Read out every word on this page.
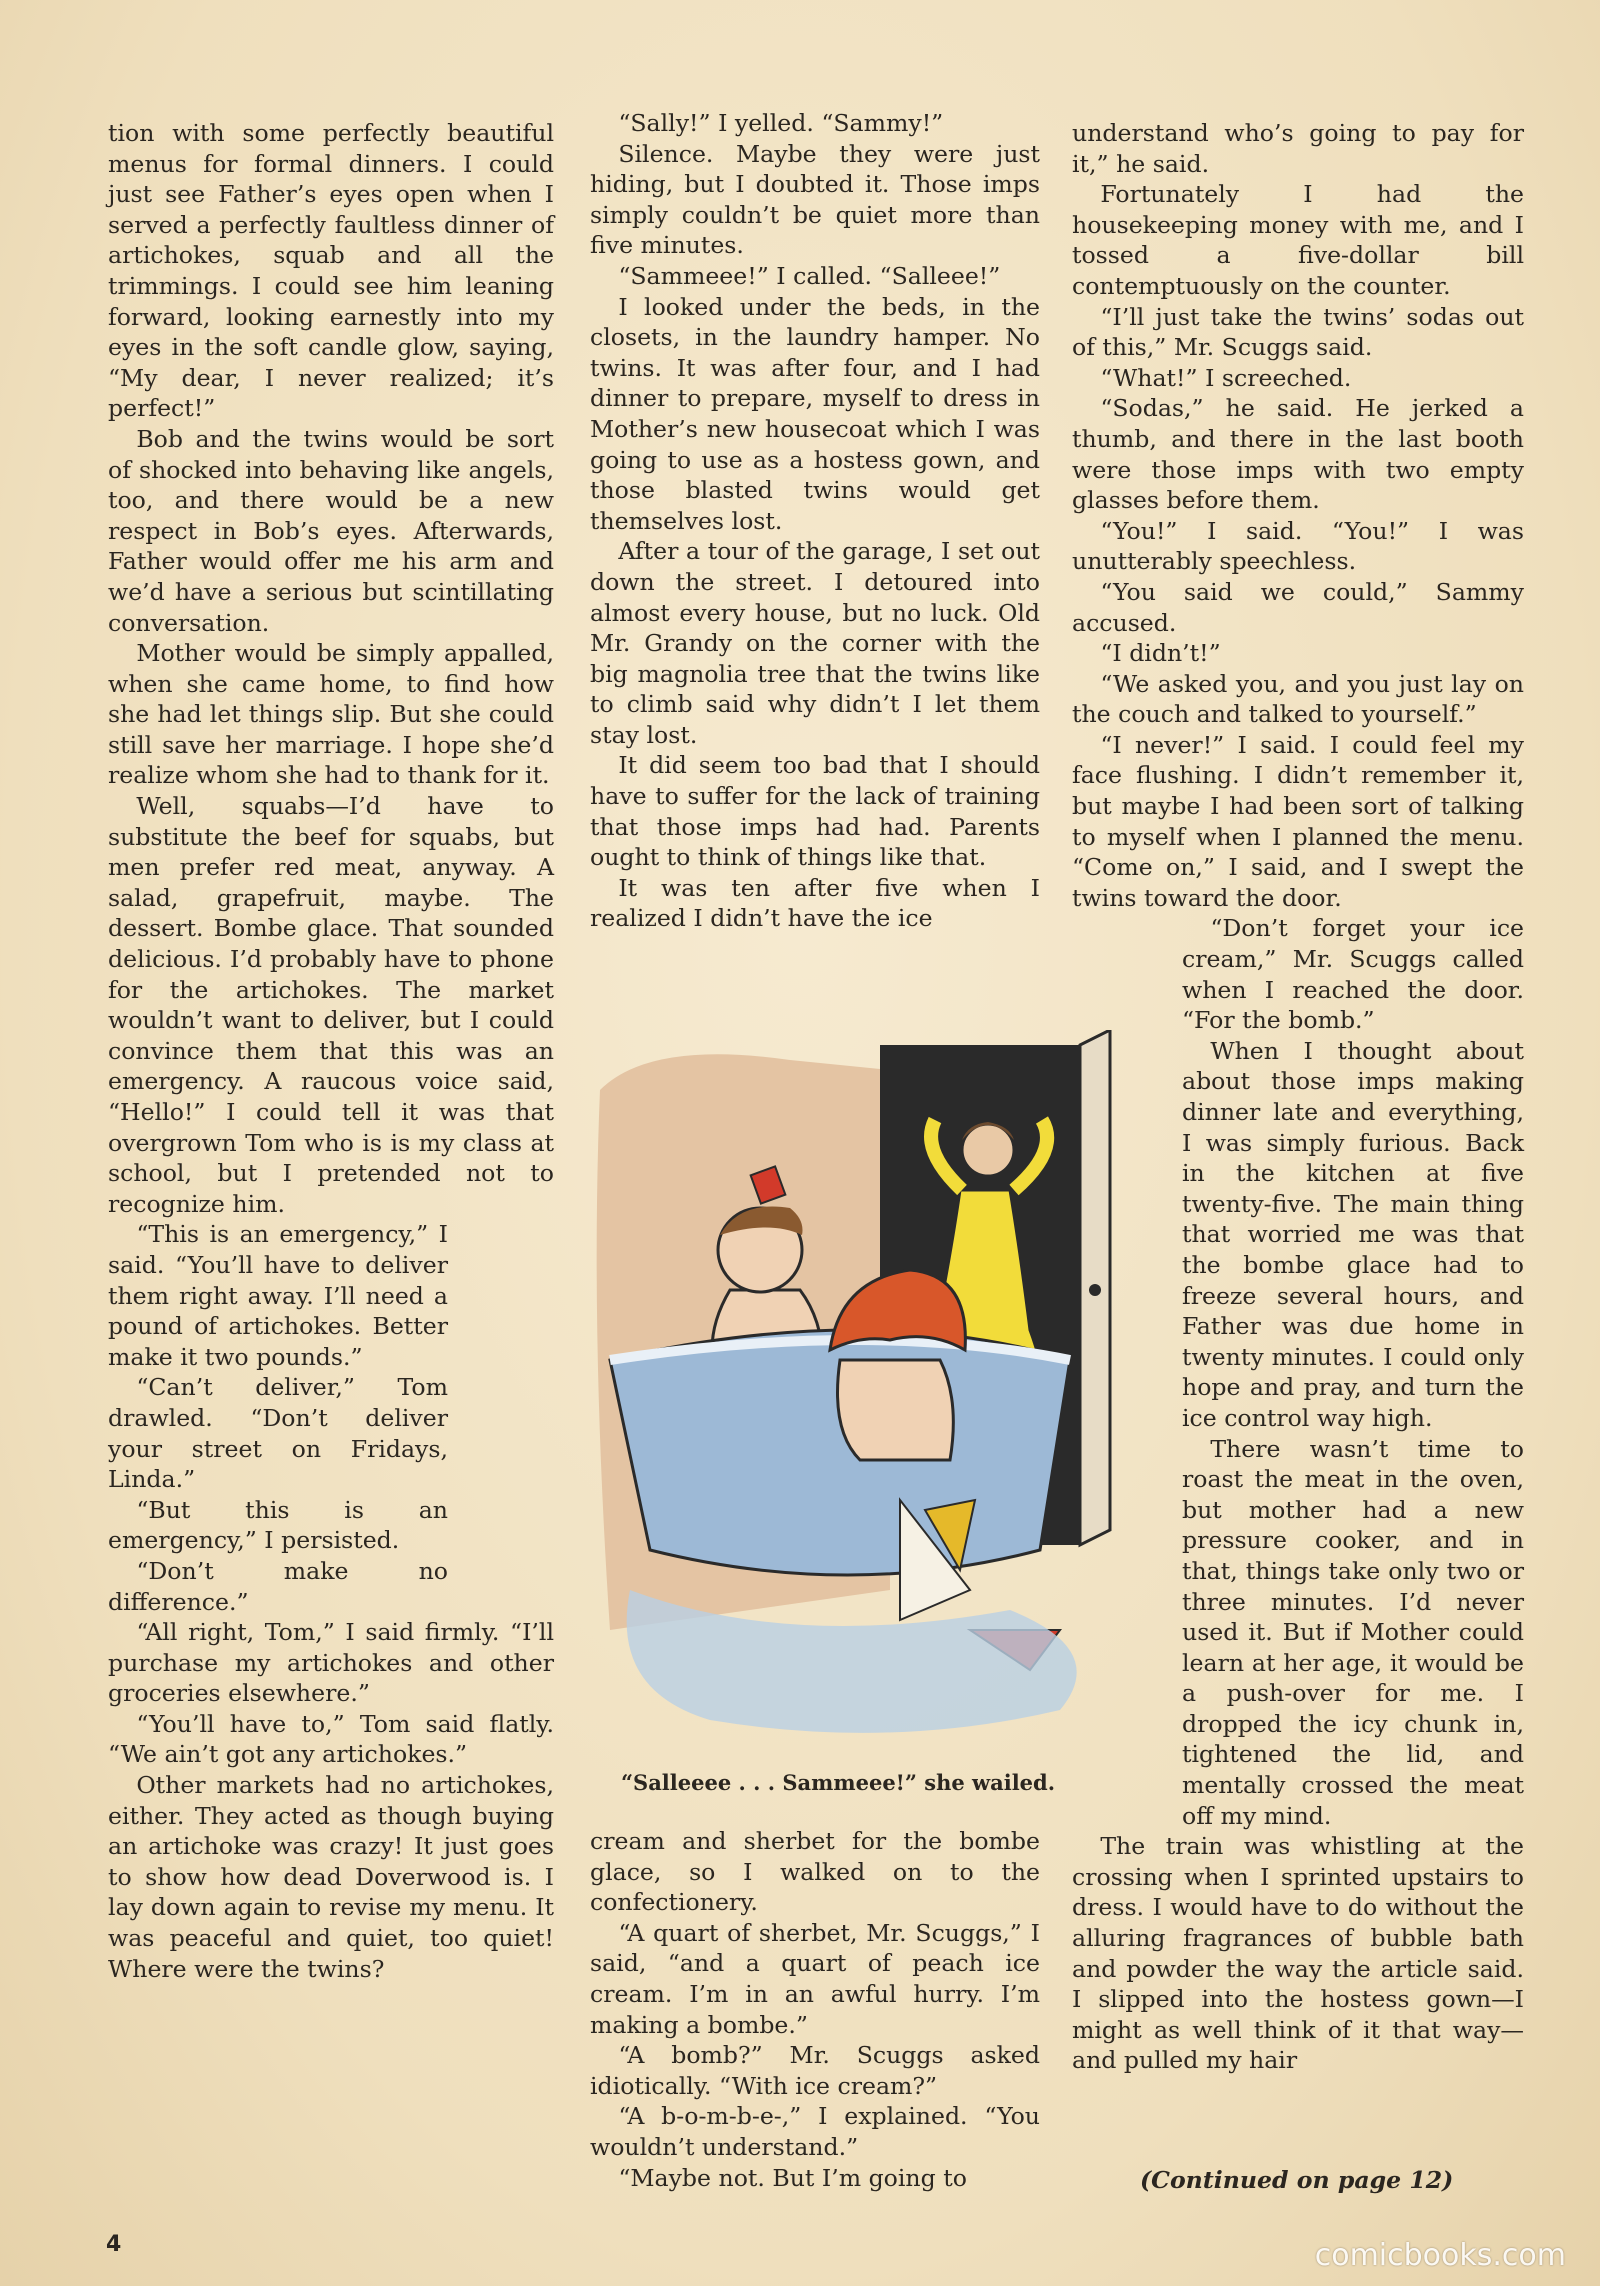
tion with some perfectly beautiful menus for formal dinners. I could just see Father’s eyes open when I served a perfectly faultless dinner of artichokes, squab and all the trimmings. I could see him leaning forward, looking earnestly into my eyes in the soft candle glow, saying, “My dear, I never realized; it’s perfect!”

Bob and the twins would be sort of shocked into behaving like angels, too, and there would be a new respect in Bob’s eyes. Afterwards, Father would offer me his arm and we’d have a serious but scintillating conversation.

Mother would be simply appalled, when she came home, to find how she had let things slip. But she could still save her marriage. I hope she’d realize whom she had to thank for it.

Well, squabs—I’d have to substitute the beef for squabs, but men prefer red meat, anyway. A salad, grapefruit, maybe. The dessert. Bombe glace. That sounded delicious. I’d probably have to phone for the artichokes. The market wouldn’t want to deliver, but I could convince them that this was an emergency. A raucous voice said, “Hello!” I could tell it was that overgrown Tom who is is my class at school, but I pretended not to recognize him.

“This is an emergency,” I said. “You’ll have to deliver them right away. I’ll need a pound of artichokes. Better make it two pounds.”

“Can’t deliver,” Tom drawled. “Don’t deliver your street on Fridays, Linda.”

“But this is an emergency,” I persisted.

“Don’t make no difference.”

“All right, Tom,” I said firmly. “I’ll purchase my artichokes and other groceries elsewhere.”

“You’ll have to,” Tom said flatly. “We ain’t got any artichokes.”

Other markets had no artichokes, either. They acted as though buying an artichoke was crazy! It just goes to show how dead Doverwood is. I lay down again to revise my menu. It was peaceful and quiet, too quiet! Where were the twins?

“Sally!” I yelled. “Sammy!”

Silence. Maybe they were just hiding, but I doubted it. Those imps simply couldn’t be quiet more than five minutes.

“Sammeee!” I called. “Salleee!”

I looked under the beds, in the closets, in the laundry hamper. No twins. It was after four, and I had dinner to prepare, myself to dress in Mother’s new housecoat which I was going to use as a hostess gown, and those blasted twins would get themselves lost.

After a tour of the garage, I set out down the street. I detoured into almost every house, but no luck. Old Mr. Grandy on the corner with the big magnolia tree that the twins like to climb said why didn’t I let them stay lost.

It did seem too bad that I should have to suffer for the lack of training that those imps had had. Parents ought to think of things like that.

It was ten after five when I realized I didn’t have the ice

“Salleeee . . . Sammeee!” she wailed.

cream and sherbet for the bombe glace, so I walked on to the confectionery.

“A quart of sherbet, Mr. Scuggs,” I said, “and a quart of peach ice cream. I’m in an awful hurry. I’m making a bombe.”

“A bomb?” Mr. Scuggs asked idiotically. “With ice cream?”

“A b-o-m-b-e-,” I explained. “You wouldn’t understand.”

“Maybe not. But I’m going to

understand who’s going to pay for it,” he said.

Fortunately I had the housekeeping money with me, and I tossed a five-dollar bill contemptuously on the counter.

“I’ll just take the twins’ sodas out of this,” Mr. Scuggs said.

“What!” I screeched.

“Sodas,” he said. He jerked a thumb, and there in the last booth were those imps with two empty glasses before them.

“You!” I said. “You!” I was unutterably speechless.

“You said we could,” Sammy accused.

“I didn’t!”

“We asked you, and you just lay on the couch and talked to yourself.”

“I never!” I said. I could feel my face flushing. I didn’t remember it, but maybe I had been sort of talking to myself when I planned the menu. “Come on,” I said, and I swept the twins toward the door.

“Don’t forget your ice cream,” Mr. Scuggs called when I reached the door. “For the bomb.”

When I thought about about those imps making dinner late and everything, I was simply furious. Back in the kitchen at five twenty-five. The main thing that worried me was that the bombe glace had to freeze several hours, and Father was due home in twenty minutes. I could only hope and pray, and turn the ice control way high.

There wasn’t time to roast the meat in the oven, but mother had a new pressure cooker, and in that, things take only two or three minutes. I’d never used it. But if Mother could learn at her age, it would be a push-over for me. I dropped the icy chunk in, tightened the lid, and mentally crossed the meat off my mind.

The train was whistling at the crossing when I sprinted upstairs to dress. I would have to do without the alluring fragrances of bubble bath and powder the way the article said. I slipped into the hostess gown—I might as well think of it that way—and pulled my hair

(Continued on page 12)
4	comicbooks.com
